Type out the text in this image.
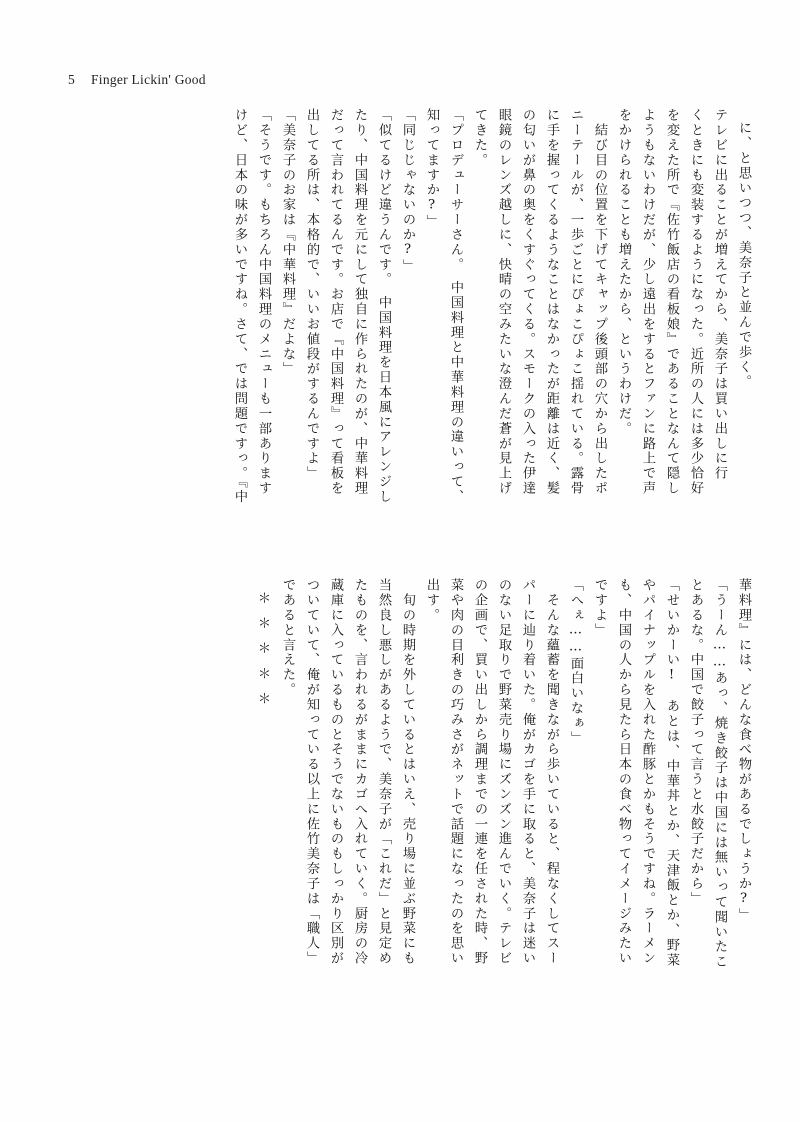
5 Finger Lickin' Good
けど、日本の味が多いですね。さて、では問題ですっ。『中 「そうです。もちろん中国料理のメニューも一部あります 「美奈子のお家は『中華料理』だよな」 出してる所は、本格的で、いいお値段がするんですよ」 だって言われてるんです。お店で『中国料理』って看板を たり、中国料理を元にして独自に作られたのが、中華料理 「似てるけど違うんです。　中国料理を日本風にアレンジし 「同じじゃないのか?」 知ってますか?」 「プロデューサーさん。　中国料理と中華料理の違いって、 てきた。 眼鏡のレンズ越しに、快晴の空みたいな澄んだ蒼が見上げ の匂いが鼻の奥をくすぐってくる。スモークの入った伊達 に手を握ってくるようなことはなかったが距離は近く、髪 ニーテールが、一歩ごとにぴょこぴょこ揺れている。露骨 　結び目の位置を下げてキャップ後頭部の穴から出したポ をかけられることも増えたから、というわけだ。 ようもないわけだが、少し遠出をするとファンに路上で声 を変えた所で『佐竹飯店の看板娘』であることなんて隠し くときにも変装するようになった。近所の人には多少恰好 テレビに出ることが増えてから、美奈子は買い出しに行 に、と思いつつ、美奈子と並んで歩く。
＊＊＊＊＊ であると言えた。 ついていて、俺が知っている以上に佐竹美奈子は「職人」 蔵庫に入っているものとそうでないものもしっかり区別が たものを、言われるがままにカゴへ入れていく。厨房の冷 当然良し悪しがあるようで、美奈子が「これだ」と見定め 　旬の時期を外しているとはいえ、売り場に並ぶ野菜にも 出す。 菜や肉の目利きの巧みさがネットで話題になったのを思い の企画で、買い出しから調理までの一連を任された時、野 のない足取りで野菜売り場にズンズン進んでいく。テレビ パーに辿り着いた。俺がカゴを手に取ると、美奈子は迷い 　そんな蘊蓄を聞きながら歩いていると、程なくしてスー 「へぇ……面白いなぁ」 ですよ」 も、中国の人から見たら日本の食べ物ってイメージみたい やパイナップルを入れた酢豚とかもそうですね。ラーメン 「せいかーい!　あとは、中華丼とか、天津飯とか、野菜 とあるな。中国で餃子って言うと水餃子だから」 「うーん……あっ、焼き餃子は中国には無いって聞いたこ 華料理』には、どんな食べ物があるでしょうか?」
